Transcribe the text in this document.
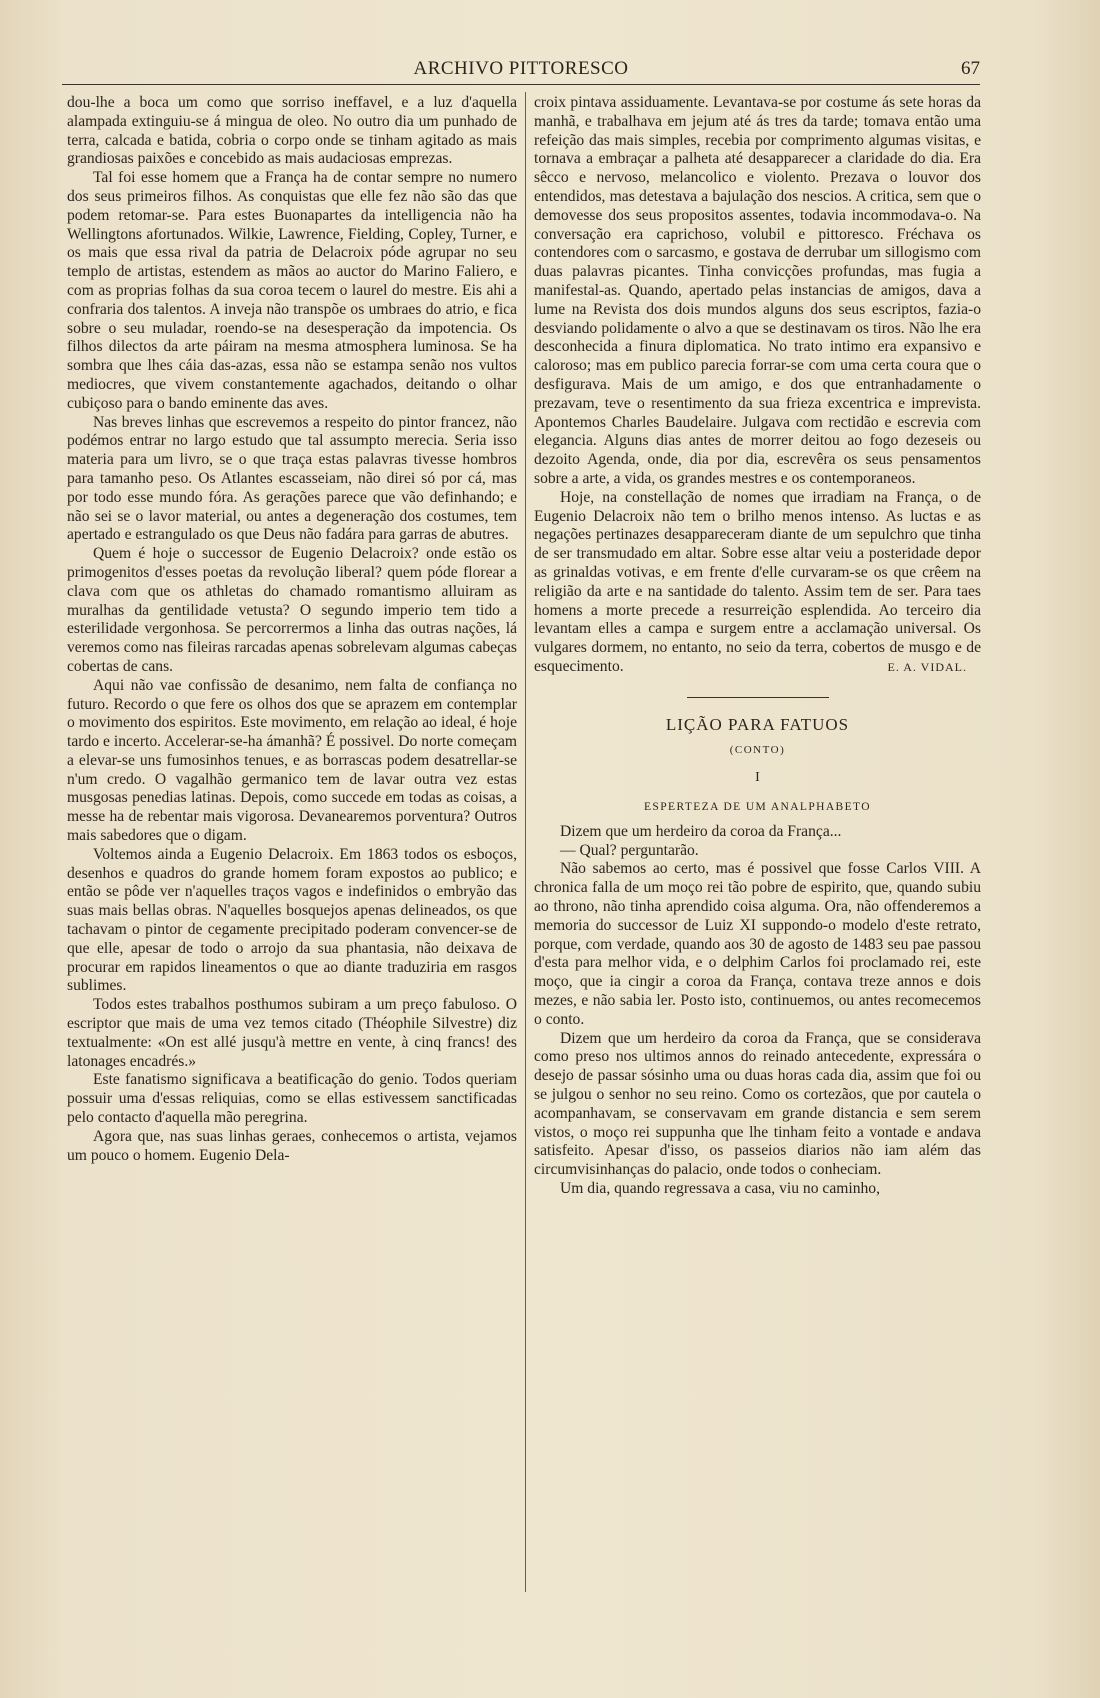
ARCHIVO PITTORESCO	67

dou-lhe a boca um como que sorriso ineffavel, e a luz d'aquella alampada extinguiu-se á mingua de oleo. No outro dia um punhado de terra, calcada e batida, cobria o corpo onde se tinham agitado as mais grandiosas paixões e concebido as mais audaciosas emprezas.

Tal foi esse homem que a França ha de contar sempre no numero dos seus primeiros filhos. As conquistas que elle fez não são das que podem retomar-se. Para estes Buonapartes da intelligencia não ha Wellingtons afortunados. Wilkie, Lawrence, Fielding, Copley, Turner, e os mais que essa rival da patria de Delacroix póde agrupar no seu templo de artistas, estendem as mãos ao auctor do Marino Faliero, e com as proprias folhas da sua coroa tecem o laurel do mestre. Eis ahi a confraria dos talentos. A inveja não transpõe os umbraes do atrio, e fica sobre o seu muladar, roendo-se na desesperação da impotencia. Os filhos dilectos da arte páiram na mesma atmosphera luminosa. Se ha sombra que lhes cáia das-azas, essa não se estampa senão nos vultos mediocres, que vivem constantemente agachados, deitando o olhar cubiçoso para o bando eminente das aves.

Nas breves linhas que escrevemos a respeito do pintor francez, não podémos entrar no largo estudo que tal assumpto merecia. Seria isso materia para um livro, se o que traça estas palavras tivesse hombros para tamanho peso. Os Atlantes escasseiam, não direi só por cá, mas por todo esse mundo fóra. As gerações parece que vão definhando; e não sei se o lavor material, ou antes a degeneração dos costumes, tem apertado e estrangulado os que Deus não fadára para garras de abutres.

Quem é hoje o successor de Eugenio Delacroix? onde estão os primogenitos d'esses poetas da revolução liberal? quem póde florear a clava com que os athletas do chamado romantismo alluiram as muralhas da gentilidade vetusta? O segundo imperio tem tido a esterilidade vergonhosa. Se percorrermos a linha das outras nações, lá veremos como nas fileiras rarcadas apenas sobrelevam algumas cabeças cobertas de cans.

Aqui não vae confissão de desanimo, nem falta de confiança no futuro. Recordo o que fere os olhos dos que se aprazem em contemplar o movimento dos espiritos. Este movimento, em relação ao ideal, é hoje tardo e incerto. Accelerar-se-ha ámanhã? É possivel. Do norte começam a elevar-se uns fumosinhos tenues, e as borrascas podem desatrellar-se n'um credo. O vagalhão germanico tem de lavar outra vez estas musgosas penedias latinas. Depois, como succede em todas as coisas, a messe ha de rebentar mais vigorosa. Devanearemos porventura? Outros mais sabedores que o digam.

Voltemos ainda a Eugenio Delacroix. Em 1863 todos os esboços, desenhos e quadros do grande homem foram expostos ao publico; e então se pôde ver n'aquelles traços vagos e indefinidos o embryão das suas mais bellas obras. N'aquelles bosquejos apenas delineados, os que tachavam o pintor de cegamente precipitado poderam convencer-se de que elle, apesar de todo o arrojo da sua phantasia, não deixava de procurar em rapidos lineamentos o que ao diante traduziria em rasgos sublimes.

Todos estes trabalhos posthumos subiram a um preço fabuloso. O escriptor que mais de uma vez temos citado (Théophile Silvestre) diz textualmente: «On est allé jusqu'à mettre en vente, à cinq francs! des latonages encadrés.»

Este fanatismo significava a beatificação do genio. Todos queriam possuir uma d'essas reliquias, como se ellas estivessem sanctificadas pelo contacto d'aquella mão peregrina.

Agora que, nas suas linhas geraes, conhecemos o artista, vejamos um pouco o homem. Eugenio Dela-

croix pintava assiduamente. Levantava-se por costume ás sete horas da manhã, e trabalhava em jejum até ás tres da tarde; tomava então uma refeição das mais simples, recebia por comprimento algumas visitas, e tornava a embraçar a palheta até desapparecer a claridade do dia. Era sêcco e nervoso, melancolico e violento. Prezava o louvor dos entendidos, mas detestava a bajulação dos nescios. A critica, sem que o demovesse dos seus propositos assentes, todavia incommodava-o. Na conversação era caprichoso, volubil e pittoresco. Fréchava os contendores com o sarcasmo, e gostava de derrubar um sillogismo com duas palavras picantes. Tinha convicções profundas, mas fugia a manifestal-as. Quando, apertado pelas instancias de amigos, dava a lume na Revista dos dois mundos alguns dos seus escriptos, fazia-o desviando polidamente o alvo a que se destinavam os tiros. Não lhe era desconhecida a finura diplomatica. No trato intimo era expansivo e caloroso; mas em publico parecia forrar-se com uma certa coura que o desfigurava. Mais de um amigo, e dos que entranhadamente o prezavam, teve o resentimento da sua frieza excentrica e imprevista. Apontemos Charles Baudelaire. Julgava com rectidão e escrevia com elegancia. Alguns dias antes de morrer deitou ao fogo dezeseis ou dezoito Agenda, onde, dia por dia, escrevêra os seus pensamentos sobre a arte, a vida, os grandes mestres e os contemporaneos.

Hoje, na constellação de nomes que irradiam na França, o de Eugenio Delacroix não tem o brilho menos intenso. As luctas e as negações pertinazes desappareceram diante de um sepulchro que tinha de ser transmudado em altar. Sobre esse altar veiu a posteridade depor as grinaldas votivas, e em frente d'elle curvaram-se os que crêem na religião da arte e na santidade do talento. Assim tem de ser. Para taes homens a morte precede a resurreição esplendida. Ao terceiro dia levantam elles a campa e surgem entre a acclamação universal. Os vulgares dormem, no entanto, no seio da terra, cobertos de musgo e de esquecimento.	E. A. VIDAL.
LIÇÃO PARA FATUOS
(CONTO)
I
ESPERTEZA DE UM ANALPHABETO

Dizem que um herdeiro da coroa da França...

— Qual? perguntarão.

Não sabemos ao certo, mas é possivel que fosse Carlos VIII. A chronica falla de um moço rei tão pobre de espirito, que, quando subiu ao throno, não tinha aprendido coisa alguma. Ora, não offenderemos a memoria do successor de Luiz XI suppondo-o modelo d'este retrato, porque, com verdade, quando aos 30 de agosto de 1483 seu pae passou d'esta para melhor vida, e o delphim Carlos foi proclamado rei, este moço, que ia cingir a coroa da França, contava treze annos e dois mezes, e não sabia ler. Posto isto, continuemos, ou antes recomecemos o conto.

Dizem que um herdeiro da coroa da França, que se considerava como preso nos ultimos annos do reinado antecedente, expressára o desejo de passar sósinho uma ou duas horas cada dia, assim que foi ou se julgou o senhor no seu reino. Como os cortezãos, que por cautela o acompanhavam, se conservavam em grande distancia e sem serem vistos, o moço rei suppunha que lhe tinham feito a vontade e andava satisfeito. Apesar d'isso, os passeios diarios não iam além das circumvisinhanças do palacio, onde todos o conheciam.

Um dia, quando regressava a casa, viu no caminho,
